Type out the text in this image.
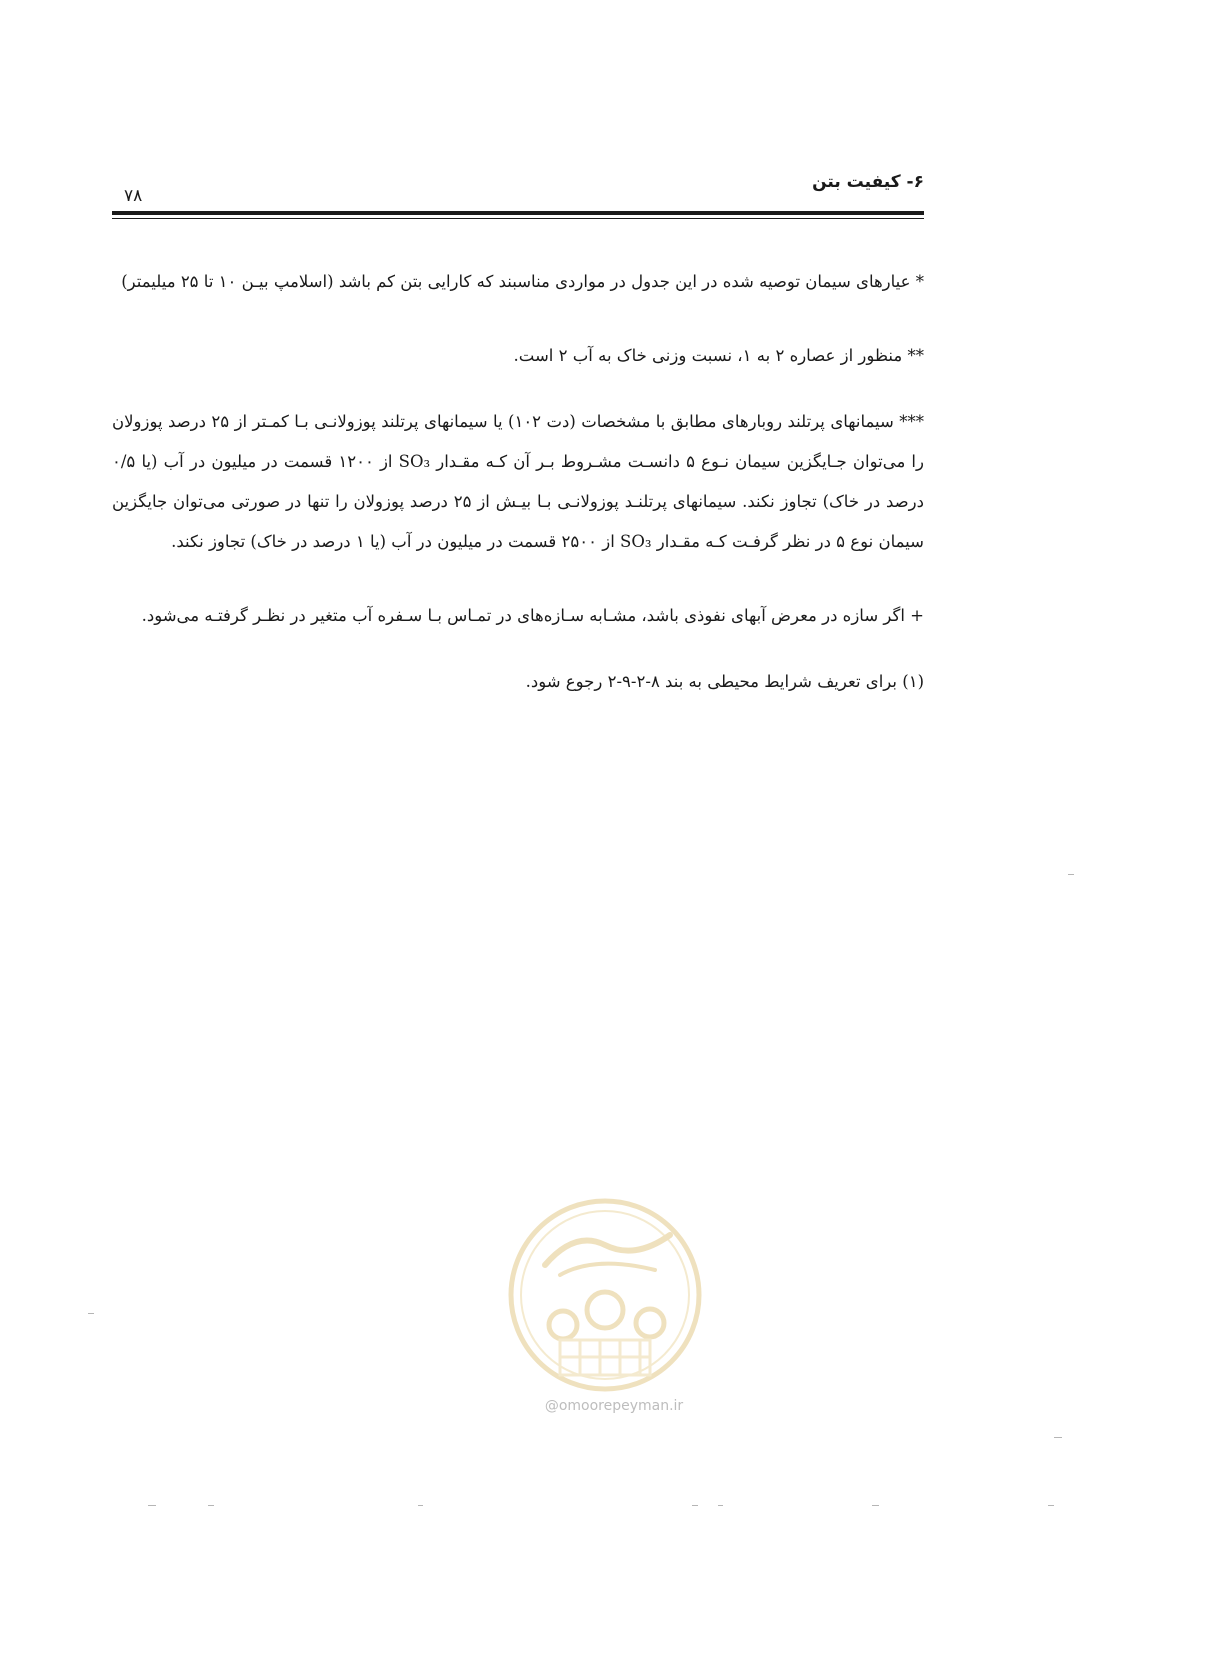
۶- کیفیت بتن
۷۸

* عیارهای سیمان توصیه شده در این جدول در مواردی مناسبند که کارایی بتن کم باشد (اسلامپ بیـن ۱۰ تا ۲۵ میلیمتر)

** منظور از عصاره ۲ به ۱، نسبت وزنی خاک به آب ۲ است.

*** سیمانهای پرتلند روبارهای مطابق با مشخصات (دت ۱۰۲) یا سیمانهای پرتلند پوزولانـی بـا کمـتر از ۲۵ درصد پوزولان را می‌توان جـایگزین سیمان نـوع ۵ دانسـت مشـروط بـر آن کـه مقـدار SO₃ از ۱۲۰۰ قسمت در میلیون در آب (یا ۰/۵ درصد در خاک) تجاوز نکند. سیمانهای پرتلنـد پوزولانـی بـا بیـش از ۲۵ درصد پوزولان را تنها در صورتی می‌توان جایگزین سیمان نوع ۵ در نظر گرفـت کـه مقـدار SO₃ از ۲۵۰۰ قسمت در میلیون در آب (یا ۱ درصد در خاک) تجاوز نکند.

+ اگر سازه در معرض آبهای نفوذی باشد، مشـابه سـازه‌های در تمـاس بـا سـفره آب متغیر در نظـر گرفتـه می‌شود.

(۱) برای تعریف شرایط محیطی به بند ۸-۲-۹-۲ رجوع شود.

@omoorepeyman.ir
